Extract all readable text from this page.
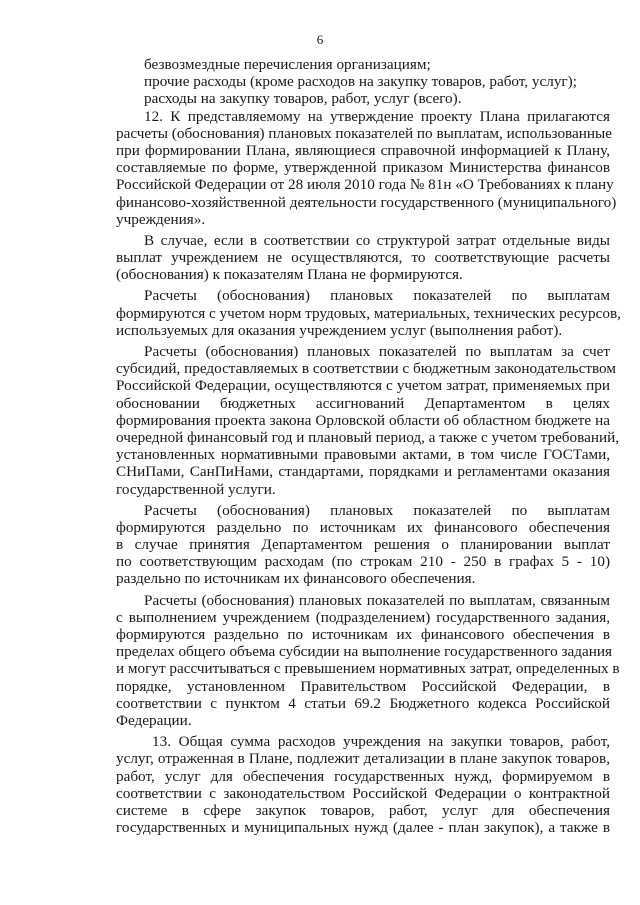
6
безвозмездные перечисления организациям;
прочие расходы (кроме расходов на закупку товаров, работ, услуг);
расходы на закупку товаров, работ, услуг (всего).
12. К представляемому на утверждение проекту Плана прилагаются
расчеты (обоснования) плановых показателей по выплатам, использованные
при формировании Плана, являющиеся справочной информацией к Плану,
составляемые по форме, утвержденной приказом Министерства финансов
Российской Федерации от 28 июля 2010 года № 81н «О Требованиях к плану
финансово-хозяйственной деятельности государственного (муниципального)
учреждения».
В случае, если в соответствии со структурой затрат отдельные виды
выплат учреждением не осуществляются, то соответствующие расчеты
(обоснования) к показателям Плана не формируются.
Расчеты (обоснования) плановых показателей по выплатам
формируются с учетом норм трудовых, материальных, технических ресурсов,
используемых для оказания учреждением услуг (выполнения работ).
Расчеты (обоснования) плановых показателей по выплатам за счет
субсидий, предоставляемых в соответствии с бюджетным законодательством
Российской Федерации, осуществляются с учетом затрат, применяемых при
обосновании бюджетных ассигнований Департаментом в целях
формирования проекта закона Орловской области об областном бюджете на
очередной финансовый год и плановый период, а также с учетом требований,
установленных нормативными правовыми актами, в том числе ГОСТами,
СНиПами, СанПиНами, стандартами, порядками и регламентами оказания
государственной услуги.
Расчеты (обоснования) плановых показателей по выплатам
формируются раздельно по источникам их финансового обеспечения
в случае принятия Департаментом решения о планировании выплат
по соответствующим расходам (по строкам 210 - 250 в графах 5 - 10)
раздельно по источникам их финансового обеспечения.
Расчеты (обоснования) плановых показателей по выплатам, связанным
с выполнением учреждением (подразделением) государственного задания,
формируются раздельно по источникам их финансового обеспечения в
пределах общего объема субсидии на выполнение государственного задания
и могут рассчитываться с превышением нормативных затрат, определенных в
порядке, установленном Правительством Российской Федерации, в
соответствии с пунктом 4 статьи 69.2 Бюджетного кодекса Российской
Федерации.
13. Общая сумма расходов учреждения на закупки товаров, работ,
услуг, отраженная в Плане, подлежит детализации в плане закупок товаров,
работ, услуг для обеспечения государственных нужд, формируемом в
соответствии с законодательством Российской Федерации о контрактной
системе в сфере закупок товаров, работ, услуг для обеспечения
государственных и муниципальных нужд (далее - план закупок), а также в
